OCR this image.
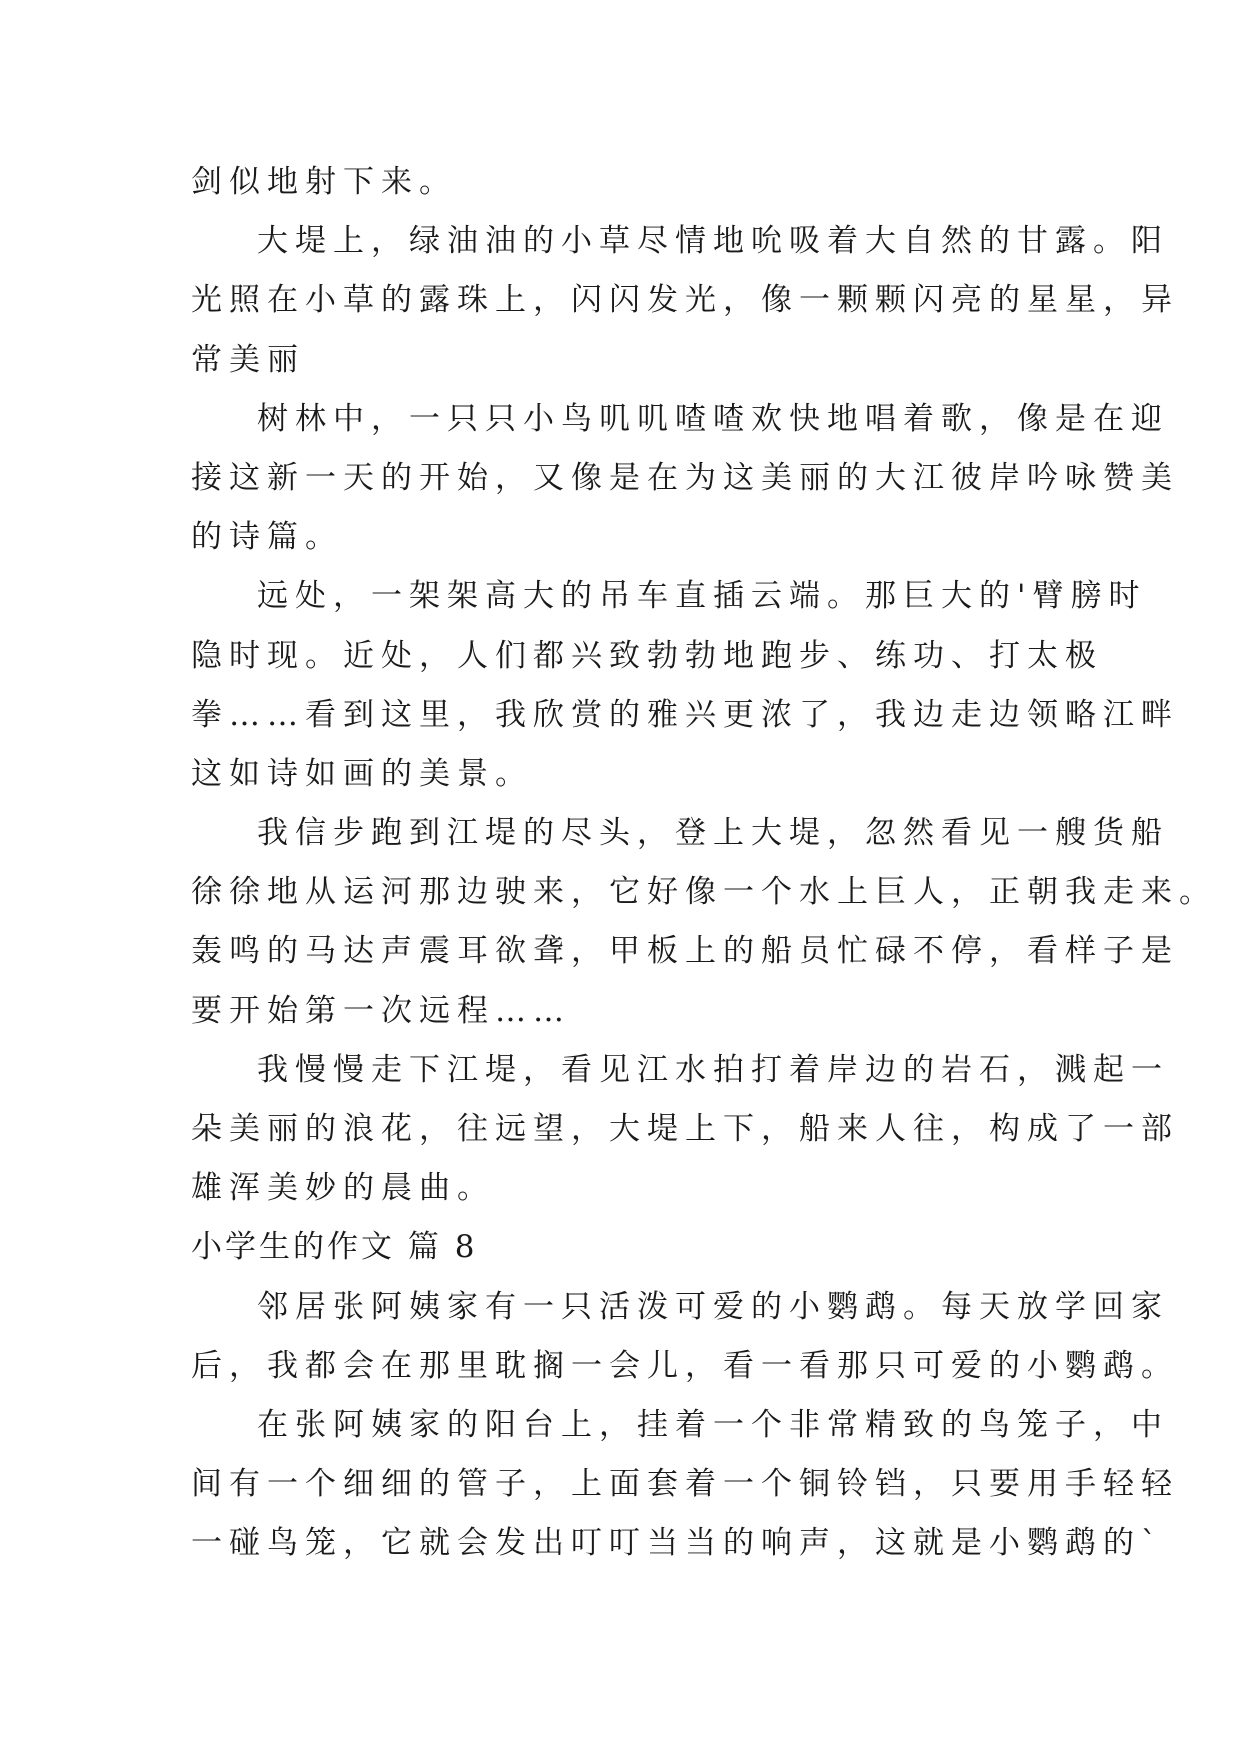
剑似地射下来。
大堤上，绿油油的小草尽情地吮吸着大自然的甘露。阳
光照在小草的露珠上，闪闪发光，像一颗颗闪亮的星星，异
常美丽
树林中，一只只小鸟叽叽喳喳欢快地唱着歌，像是在迎
接这新一天的开始，又像是在为这美丽的大江彼岸吟咏赞美
的诗篇。
远处，一架架高大的吊车直插云端。那巨大的'臂膀时
隐时现。近处，人们都兴致勃勃地跑步、练功、打太极
拳……看到这里，我欣赏的雅兴更浓了，我边走边领略江畔
这如诗如画的美景。
我信步跑到江堤的尽头，登上大堤，忽然看见一艘货船
徐徐地从运河那边驶来，它好像一个水上巨人，正朝我走来。
轰鸣的马达声震耳欲聋，甲板上的船员忙碌不停，看样子是
要开始第一次远程……
我慢慢走下江堤，看见江水拍打着岸边的岩石，溅起一
朵美丽的浪花，往远望，大堤上下，船来人往，构成了一部
雄浑美妙的晨曲。
小学生的作文 篇 8
邻居张阿姨家有一只活泼可爱的小鹦鹉。每天放学回家
后，我都会在那里耽搁一会儿，看一看那只可爱的小鹦鹉。
在张阿姨家的阳台上，挂着一个非常精致的鸟笼子，中
间有一个细细的管子，上面套着一个铜铃铛，只要用手轻轻
一碰鸟笼，它就会发出叮叮当当的响声，这就是小鹦鹉的`
